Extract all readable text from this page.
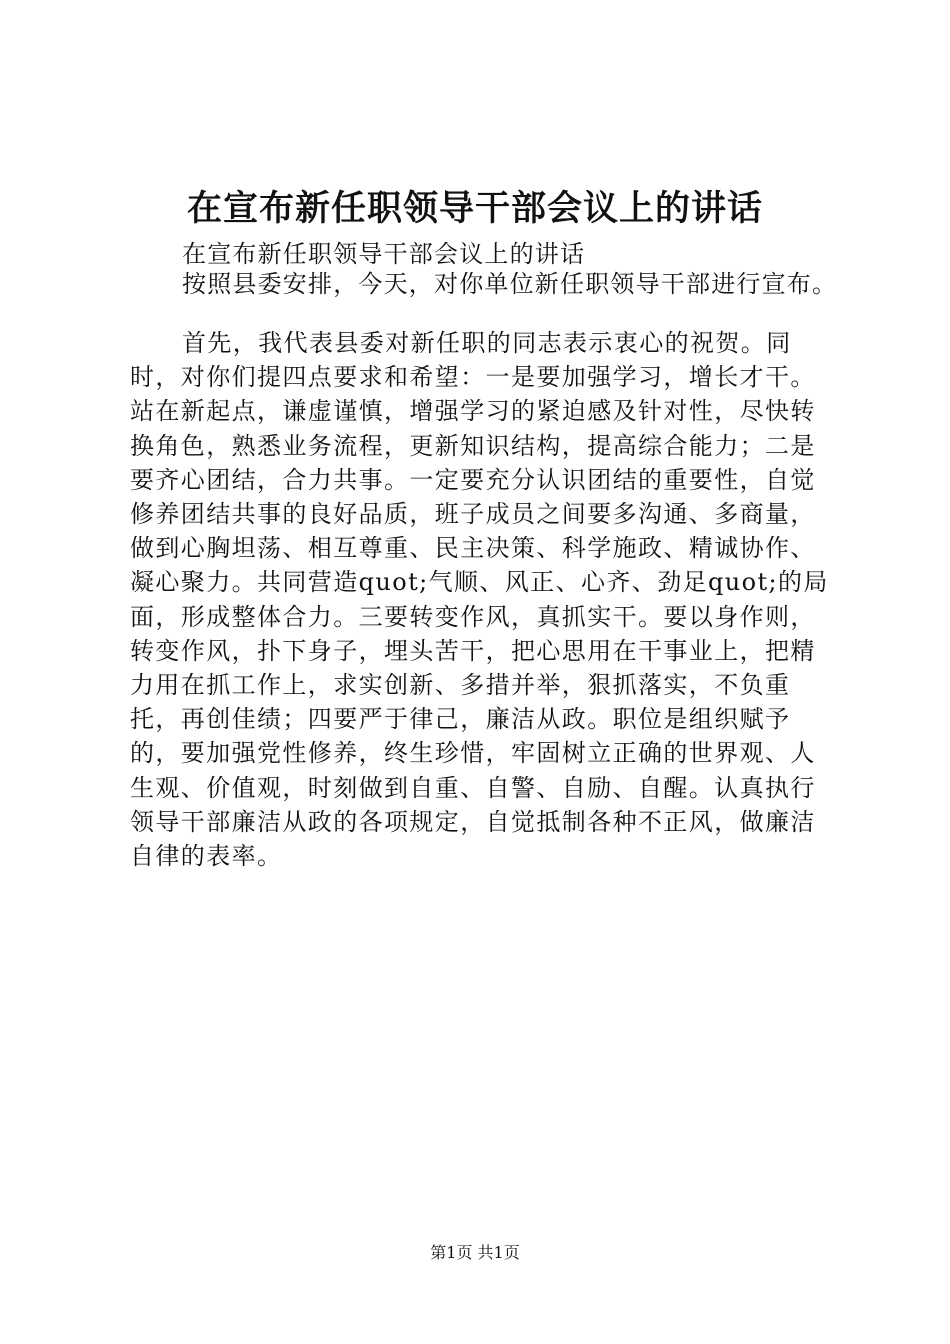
在宣布新任职领导干部会议上的讲话
在宣布新任职领导干部会议上的讲话
按照县委安排，今天，对你单位新任职领导干部进行宣布。

首先，我代表县委对新任职的同志表示衷心的祝贺。同时，对你们提四点要求和希望：一是要加强学习，增长才干。站在新起点，谦虚谨慎，增强学习的紧迫感及针对性，尽快转换角色，熟悉业务流程，更新知识结构，提高综合能力；二是要齐心团结，合力共事。一定要充分认识团结的重要性，自觉修养团结共事的良好品质，班子成员之间要多沟通、多商量，做到心胸坦荡、相互尊重、民主决策、科学施政、精诚协作、凝心聚力。共同营造quot;气顺、风正、心齐、劲足quot;的局面，形成整体合力。三要转变作风，真抓实干。要以身作则，转变作风，扑下身子，埋头苦干，把心思用在干事业上，把精力用在抓工作上，求实创新、多措并举，狠抓落实，不负重托，再创佳绩；四要严于律己，廉洁从政。职位是组织赋予的，要加强党性修养，终生珍惜，牢固树立正确的世界观、人生观、价值观，时刻做到自重、自警、自励、自醒。认真执行领导干部廉洁从政的各项规定，自觉抵制各种不正风，做廉洁自律的表率。

第1页 共1页
